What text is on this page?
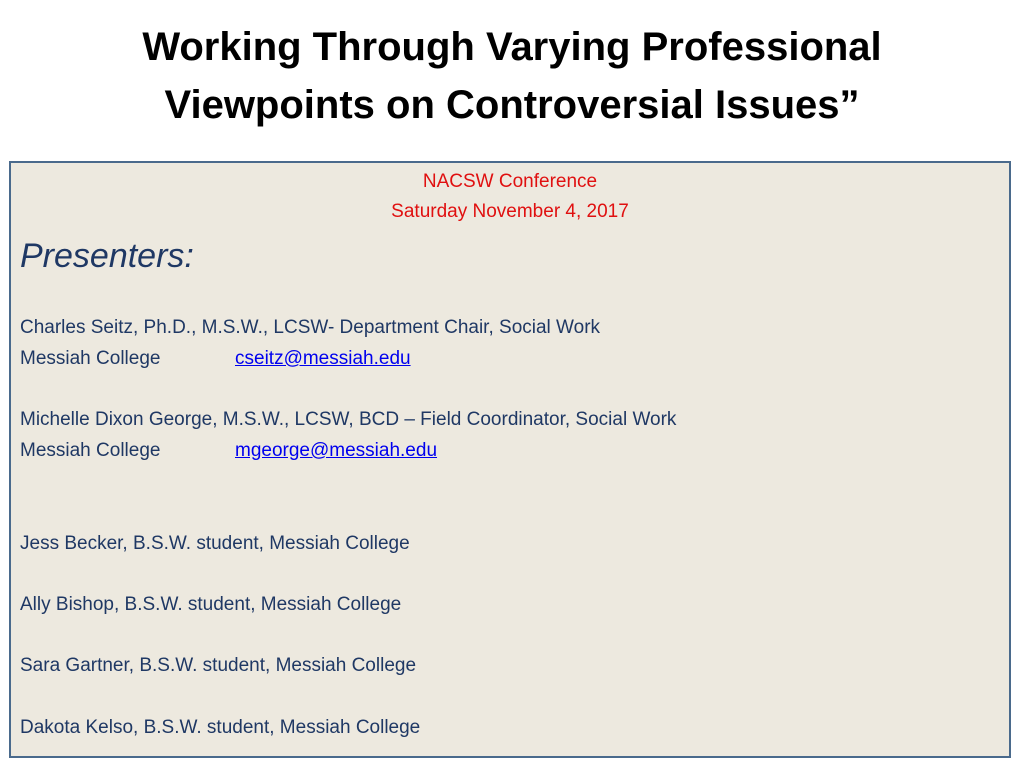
Working Through Varying Professional
Viewpoints on Controversial Issues”
NACSW Conference
Saturday November 4, 2017
Presenters:
Charles Seitz, Ph.D., M.S.W., LCSW- Department Chair, Social Work
Messiah College	cseitz@messiah.edu
Michelle Dixon George, M.S.W., LCSW, BCD – Field Coordinator, Social Work
Messiah College	mgeorge@messiah.edu
Jess Becker, B.S.W. student, Messiah College
Ally Bishop, B.S.W. student, Messiah College
Sara Gartner, B.S.W. student, Messiah College
Dakota Kelso, B.S.W. student, Messiah College
